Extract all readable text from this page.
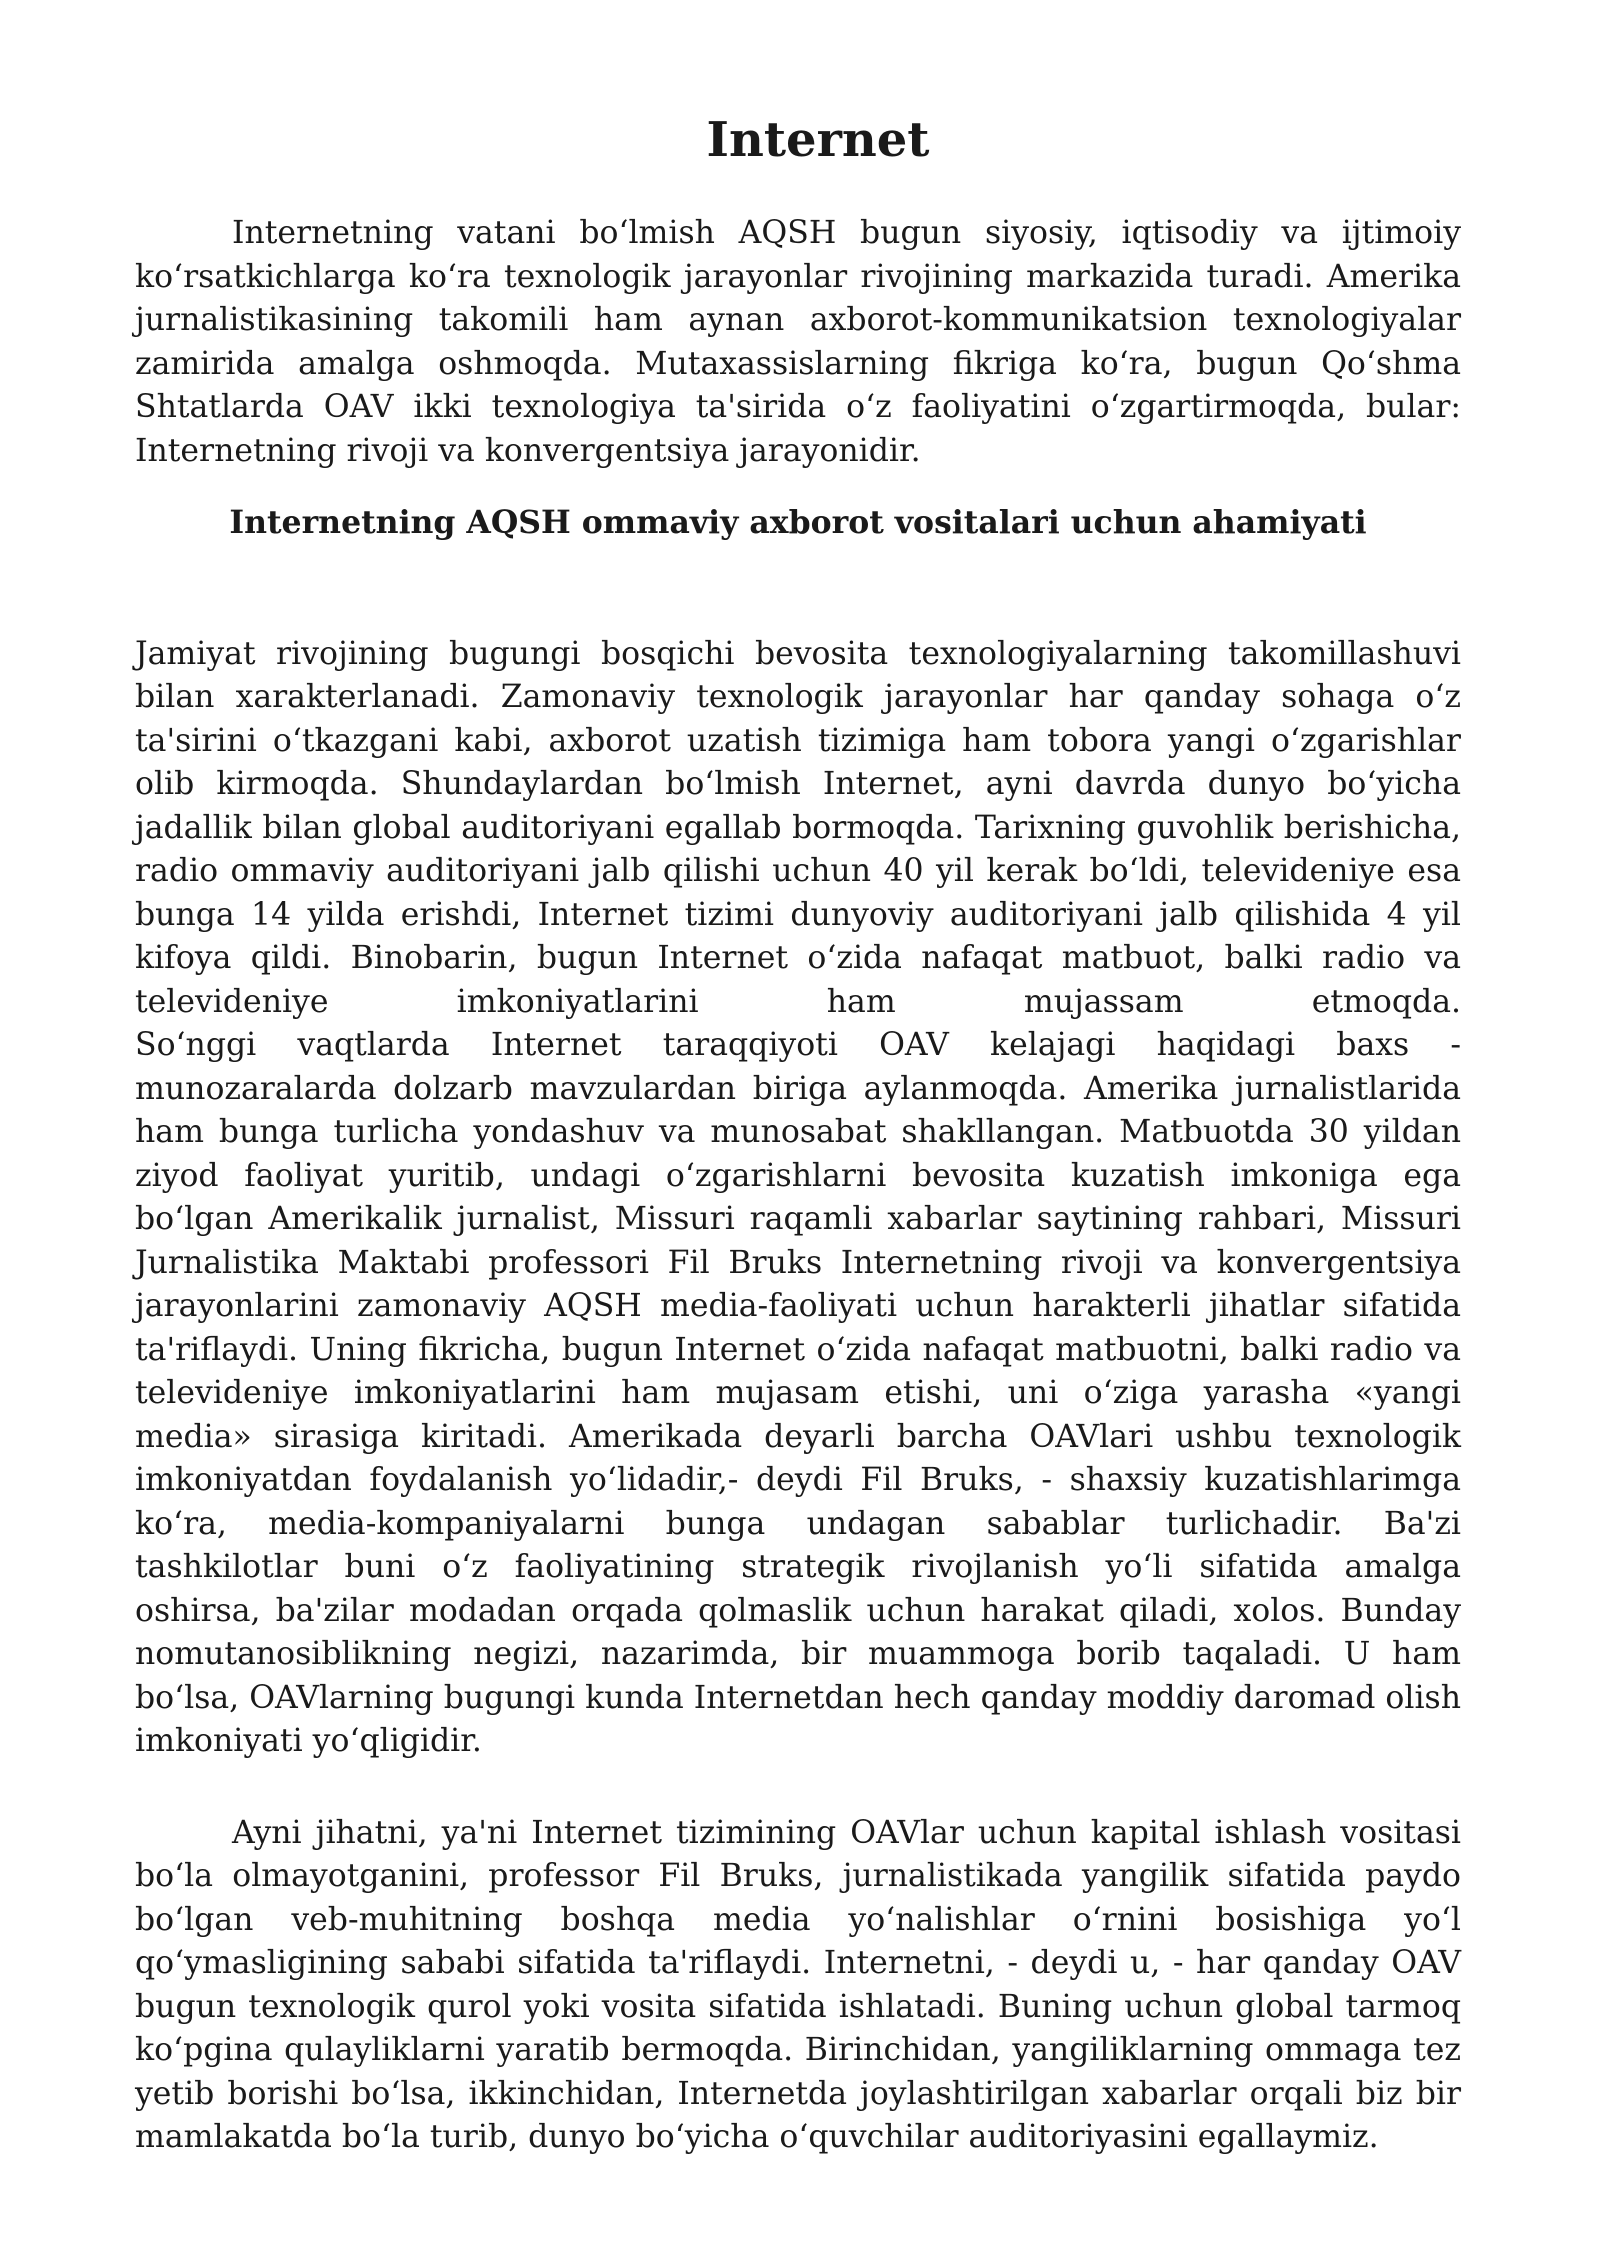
Internet

Internetning vatani bo‘lmish AQSH bugun siyosiy, iqtisodiy va ijtimoiy ko‘rsatkichlarga ko‘ra texnologik jarayonlar rivojining markazida turadi. Amerika jurnalistikasining takomili ham aynan axborot-kommunikatsion texnologiyalar zamirida amalga oshmoqda. Mutaxassislarning fikriga ko‘ra, bugun Qo‘shma Shtatlarda OAV ikki texnologiya ta'sirida o‘z faoliyatini o‘zgartirmoqda, bular: Internetning rivoji va konvergentsiya jarayonidir.

Internetning AQSH ommaviy axborot vositalari uchun ahamiyati

Jamiyat rivojining bugungi bosqichi bevosita texnologiyalarning takomillashuvi bilan xarakterlanadi. Zamonaviy texnologik jarayonlar har qanday sohaga o‘z ta'sirini o‘tkazgani kabi, axborot uzatish tizimiga ham tobora yangi o‘zgarishlar olib kirmoqda. Shundaylardan bo‘lmish Internet, ayni davrda dunyo bo‘yicha jadallik bilan global auditoriyani egallab bormoqda. Tarixning guvohlik berishicha, radio ommaviy auditoriyani jalb qilishi uchun 40 yil kerak bo‘ldi, televideniye esa bunga 14 yilda erishdi, Internet tizimi dunyoviy auditoriyani jalb qilishida 4 yil kifoya qildi. Binobarin, bugun Internet o‘zida nafaqat matbuot, balki radio va televideniye imkoniyatlarini ham mujassam etmoqda.
So‘nggi vaqtlarda Internet taraqqiyoti OAV kelajagi haqidagi baxs - munozaralarda dolzarb mavzulardan biriga aylanmoqda. Amerika jurnalistlarida ham bunga turlicha yondashuv va munosabat shakllangan. Matbuotda 30 yildan ziyod faoliyat yuritib, undagi o‘zgarishlarni bevosita kuzatish imkoniga ega bo‘lgan Amerikalik jurnalist, Missuri raqamli xabarlar saytining rahbari, Missuri Jurnalistika Maktabi professori Fil Bruks Internetning rivoji va konvergentsiya jarayonlarini zamonaviy AQSH media-faoliyati uchun harakterli jihatlar sifatida ta'riflaydi. Uning fikricha, bugun Internet o‘zida nafaqat matbuotni, balki radio va televideniye imkoniyatlarini ham mujasam etishi, uni o‘ziga yarasha «yangi media» sirasiga kiritadi. Amerikada deyarli barcha OAVlari ushbu texnologik imkoniyatdan foydalanish yo‘lidadir,- deydi Fil Bruks, - shaxsiy kuzatishlarimga ko‘ra, media-kompaniyalarni bunga undagan sabablar turlichadir. Ba'zi tashkilotlar buni o‘z faoliyatining strategik rivojlanish yo‘li sifatida amalga oshirsa, ba'zilar modadan orqada qolmaslik uchun harakat qiladi, xolos. Bunday nomutanosiblikning negizi, nazarimda, bir muammoga borib taqaladi. U ham bo‘lsa, OAVlarning bugungi kunda Internetdan hech qanday moddiy daromad olish imkoniyati yo‘qligidir.

Ayni jihatni, ya'ni Internet tizimining OAVlar uchun kapital ishlash vositasi bo‘la olmayotganini, professor Fil Bruks, jurnalistikada yangilik sifatida paydo bo‘lgan veb-muhitning boshqa media yo‘nalishlar o‘rnini bosishiga yo‘l qo‘ymasligining sababi sifatida ta'riflaydi. Internetni, - deydi u, - har qanday OAV bugun texnologik qurol yoki vosita sifatida ishlatadi. Buning uchun global tarmoq ko‘pgina qulayliklarni yaratib bermoqda. Birinchidan, yangiliklarning ommaga tez yetib borishi bo‘lsa, ikkinchidan, Internetda joylashtirilgan xabarlar orqali biz bir mamlakatda bo‘la turib, dunyo bo‘yicha o‘quvchilar auditoriyasini egallaymiz.
